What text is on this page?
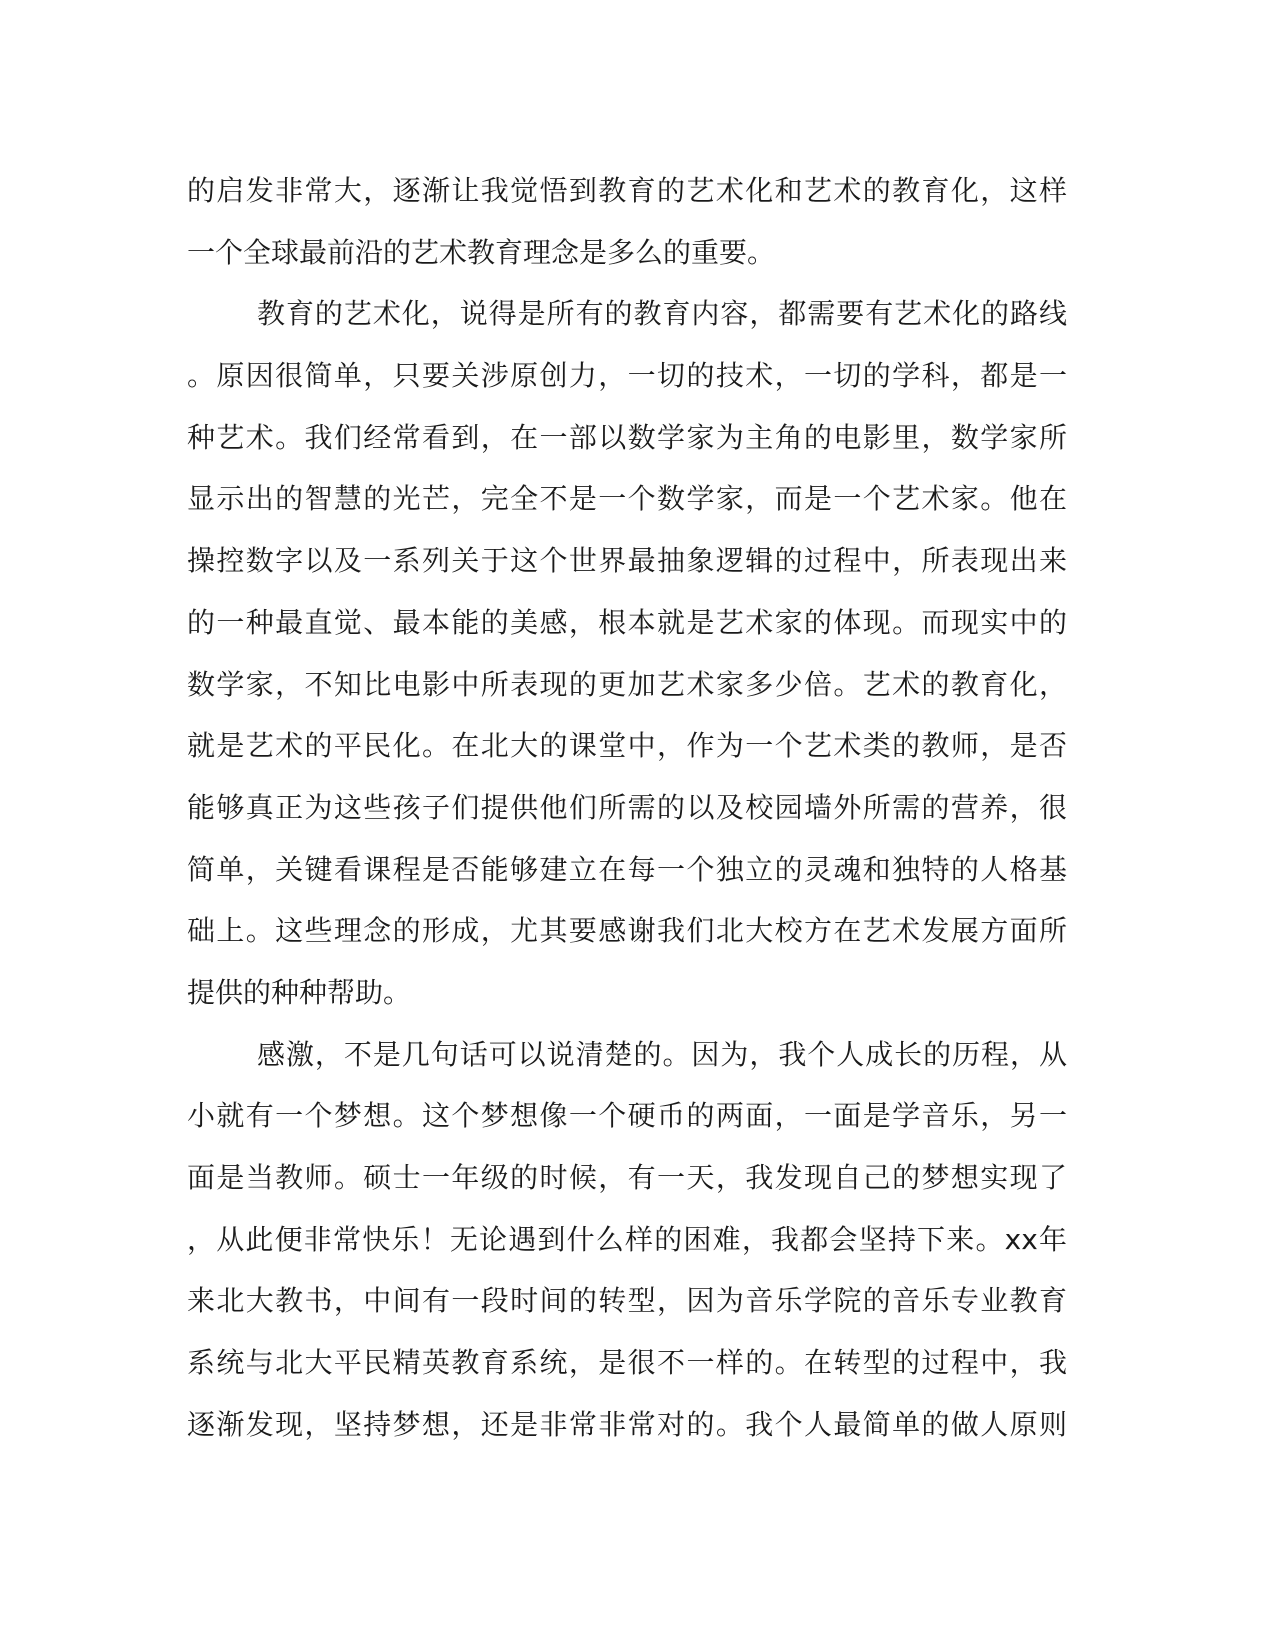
的启发非常大，逐渐让我觉悟到教育的艺术化和艺术的教育化，这样
一个全球最前沿的艺术教育理念是多么的重要。
教育的艺术化，说得是所有的教育内容，都需要有艺术化的路线
。原因很简单，只要关涉原创力，一切的技术，一切的学科，都是一
种艺术。我们经常看到，在一部以数学家为主角的电影里，数学家所
显示出的智慧的光芒，完全不是一个数学家，而是一个艺术家。他在
操控数字以及一系列关于这个世界最抽象逻辑的过程中，所表现出来
的一种最直觉、最本能的美感，根本就是艺术家的体现。而现实中的
数学家，不知比电影中所表现的更加艺术家多少倍。艺术的教育化，
就是艺术的平民化。在北大的课堂中，作为一个艺术类的教师，是否
能够真正为这些孩子们提供他们所需的以及校园墙外所需的营养，很
简单，关键看课程是否能够建立在每一个独立的灵魂和独特的人格基
础上。这些理念的形成，尤其要感谢我们北大校方在艺术发展方面所
提供的种种帮助。
感激，不是几句话可以说清楚的。因为，我个人成长的历程，从
小就有一个梦想。这个梦想像一个硬币的两面，一面是学音乐，另一
面是当教师。硕士一年级的时候，有一天，我发现自己的梦想实现了
，从此便非常快乐！无论遇到什么样的困难，我都会坚持下来。xx年
来北大教书，中间有一段时间的转型，因为音乐学院的音乐专业教育
系统与北大平民精英教育系统，是很不一样的。在转型的过程中，我
逐渐发现，坚持梦想，还是非常非常对的。我个人最简单的做人原则
